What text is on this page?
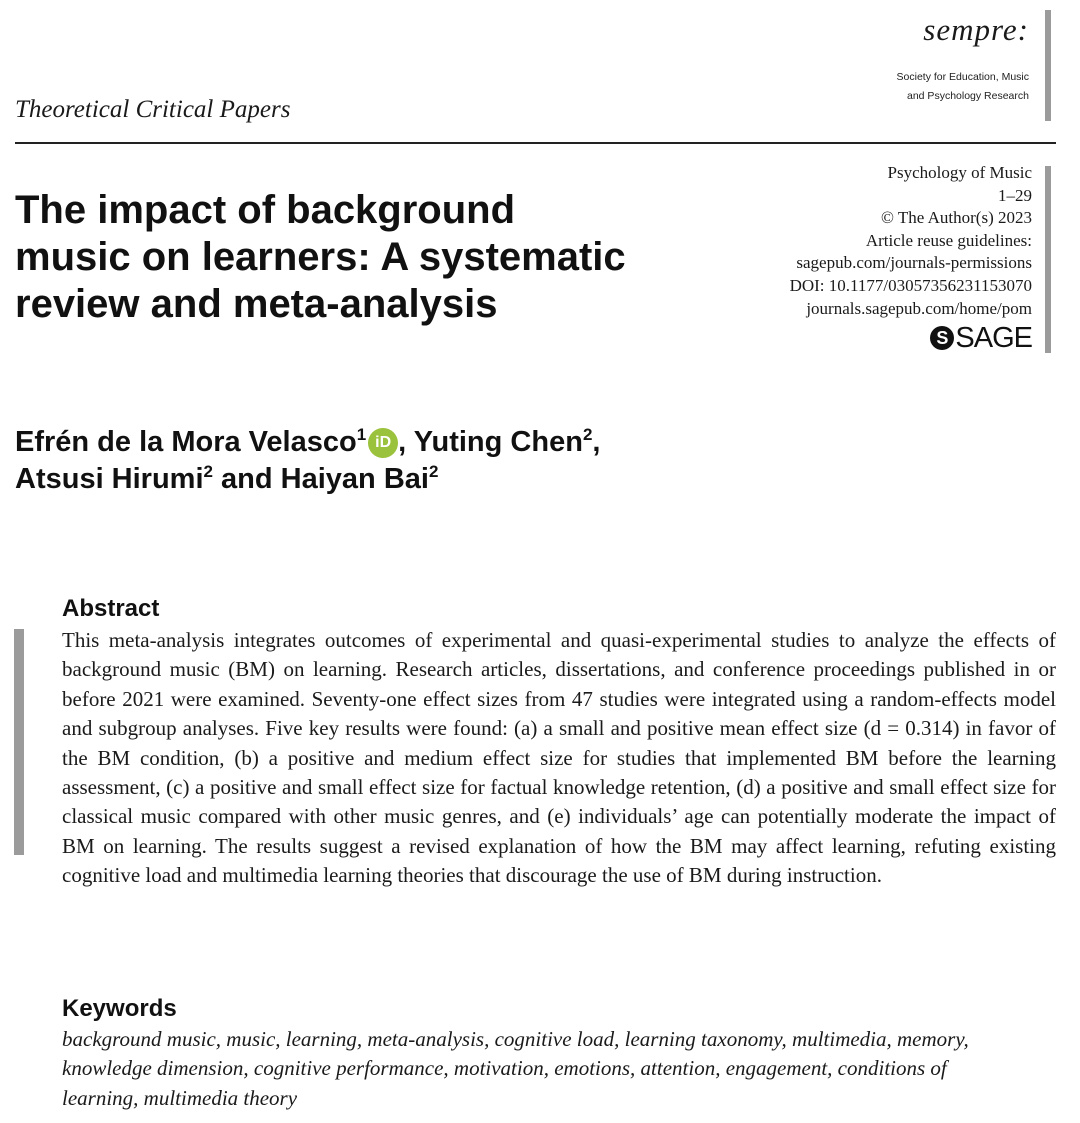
sempre:
Society for Education, Music
and Psychology Research
Theoretical Critical Papers
The impact of background
music on learners: A systematic
review and meta-analysis
Psychology of Music
1–29
© The Author(s) 2023
Article reuse guidelines:
sagepub.com/journals-permissions
DOI: 10.1177/03057356231153070
journals.sagepub.com/home/pom
S SAGE
Efrén de la Mora Velasco$^1$ iD , Yuting Chen$^2$,
Atsusi Hirumi$^2$ and Haiyan Bai$^2$
Abstract

This meta-analysis integrates outcomes of experimental and quasi-experimental studies to analyze the effects of background music (BM) on learning. Research articles, dissertations, and conference proceedings published in or before 2021 were examined. Seventy-one effect sizes from 47 studies were integrated using a random-effects model and subgroup analyses. Five key results were found: (a) a small and positive mean effect size (d = 0.314) in favor of the BM condition, (b) a positive and medium effect size for studies that implemented BM before the learning assessment, (c) a positive and small effect size for factual knowledge retention, (d) a positive and small effect size for classical music compared with other music genres, and (e) individuals’ age can potentially moderate the impact of BM on learning. The results suggest a revised explanation of how the BM may affect learning, refuting existing cognitive load and multimedia learning theories that discourage the use of BM during instruction.

Keywords

background music, music, learning, meta-analysis, cognitive load, learning taxonomy, multimedia, memory, knowledge dimension, cognitive performance, motivation, emotions, attention, engagement, conditions of learning, multimedia theory
